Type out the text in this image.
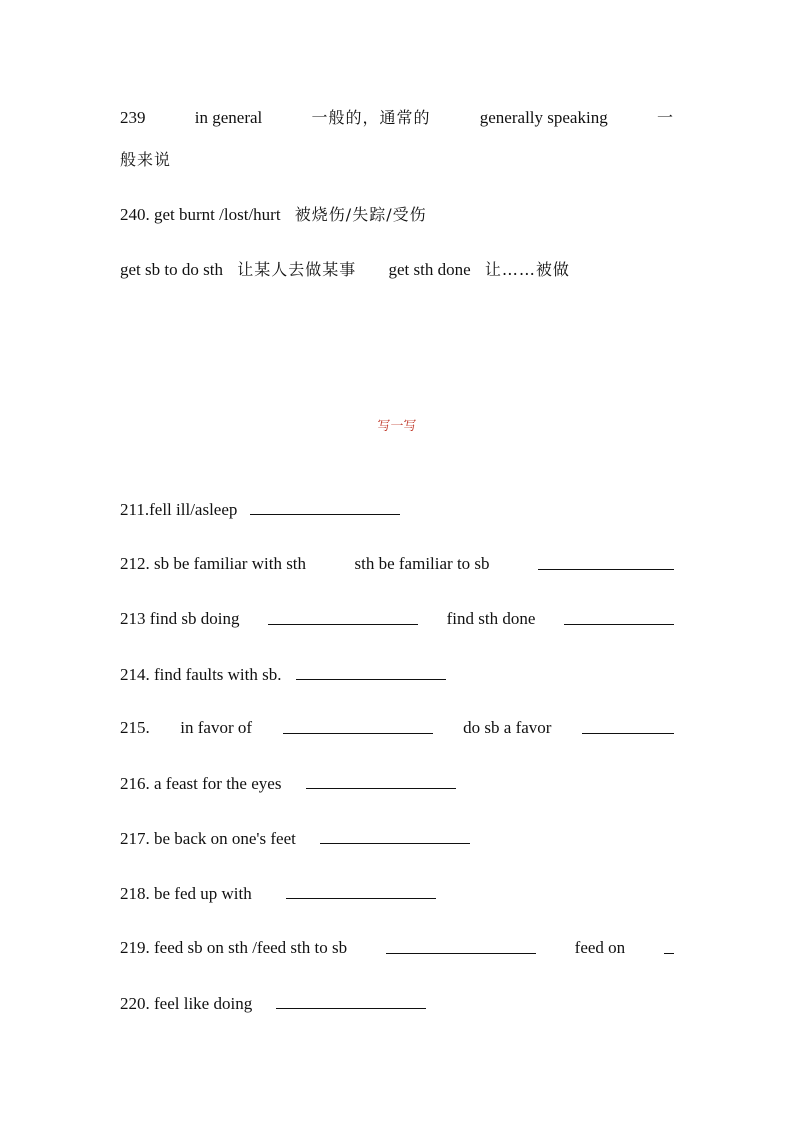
239	in general	一般的，通常的	generally speaking	一
般来说
240. get burnt /lost/hurt 被烧伤/失踪/受伤
get sb to do sth 让某人去做某事 get sth done 让……被做
写一写
211.fell ill/asleep
212. sb be familiar with sth	sth be familiar to sb
213 find sb doing	find sth done
214. find faults with sb.
215. in favor of	do sb a favor
216. a feast for the eyes
217. be back on one's feet
218. be fed up with
219. feed sb on sth /feed sth to sb	feed on
220. feel like doing
